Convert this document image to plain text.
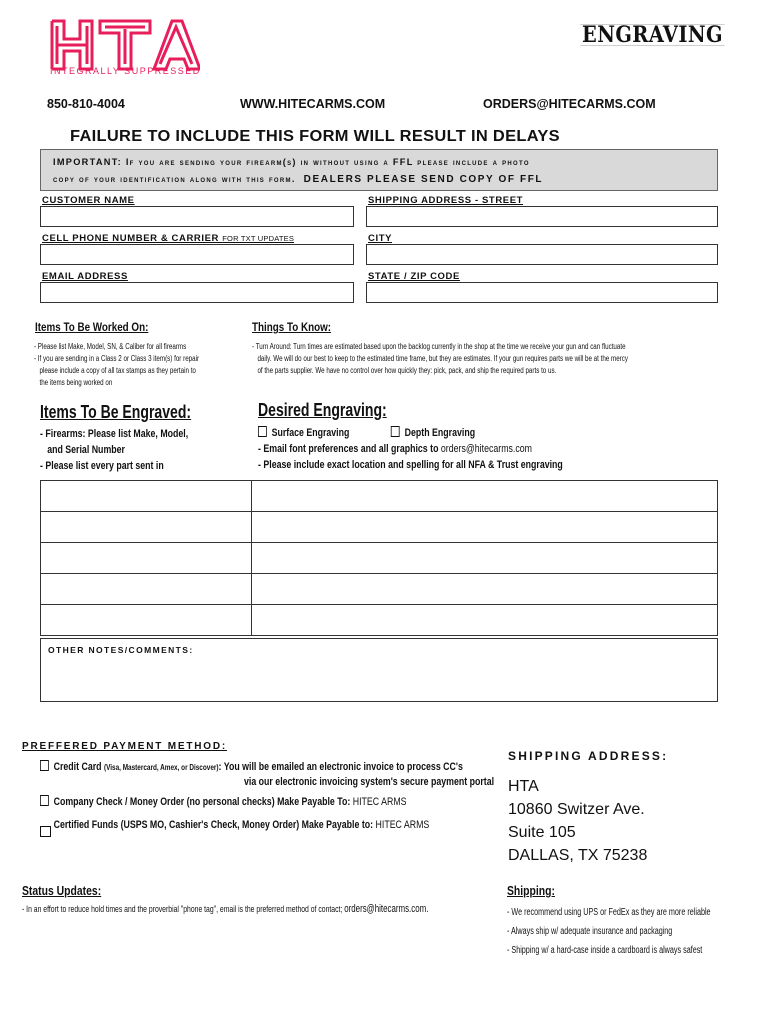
INTEGRALLY SUPPRESSED
ENGRAVING
850-810-4004	WWW.HITECARMS.COM	ORDERS@HITECARMS.COM
FAILURE TO INCLUDE THIS FORM WILL RESULT IN DELAYS
IMPORTANT: If you are sending your firearm(s) in without using a FFL please include a photo
copy of your identification along with this form. DEALERS PLEASE SEND COPY OF FFL
CUSTOMER NAME	SHIPPING ADDRESS - STREET
CELL PHONE NUMBER & CARRIER FOR TXT UPDATES	CITY
EMAIL ADDRESS	STATE / ZIP CODE
Items To Be Worked On:
- Please list Make, Model, SN, & Caliber for all firearms
- If you are sending in a Class 2 or Class 3 item(s) for repair
please include a copy of all tax stamps as they pertain to
the items being worked on
Things To Know:
- Turn Around: Turn times are estimated based upon the backlog currently in the shop at the time we receive your gun and can fluctuate
daily. We will do our best to keep to the estimated time frame, but they are estimates. If your gun requires parts we will be at the mercy
of the parts supplier. We have no control over how quickly they: pick, pack, and ship the required parts to us.
Items To Be Engraved:
- Firearms: Please list Make, Model,
and Serial Number
- Please list every part sent in
Desired Engraving:
Surface Engraving	Depth Engraving
- Email font preferences and all graphics to orders@hitecarms.com
- Please include exact location and spelling for all NFA & Trust engraving

OTHER NOTES/COMMENTS:
PREFFERED PAYMENT METHOD:
Credit Card (Visa, Mastercard, Amex, or Discover): You will be emailed an electronic invoice to process CC's
via our electronic invoicing system's secure payment portal
Company Check / Money Order (no personal checks) Make Payable To: HITEC ARMS
Certified Funds (USPS MO, Cashier's Check, Money Order) Make Payable to: HITEC ARMS
SHIPPING ADDRESS:
HTA
10860 Switzer Ave.
Suite 105
DALLAS, TX 75238
Status Updates:
- In an effort to reduce hold times and the proverbial "phone tag", email is the preferred method of contact; orders@hitecarms.com.
Shipping:
- We recommend using UPS or FedEx as they are more reliable
- Always ship w/ adequate insurance and packaging
- Shipping w/ a hard-case inside a cardboard is always safest
